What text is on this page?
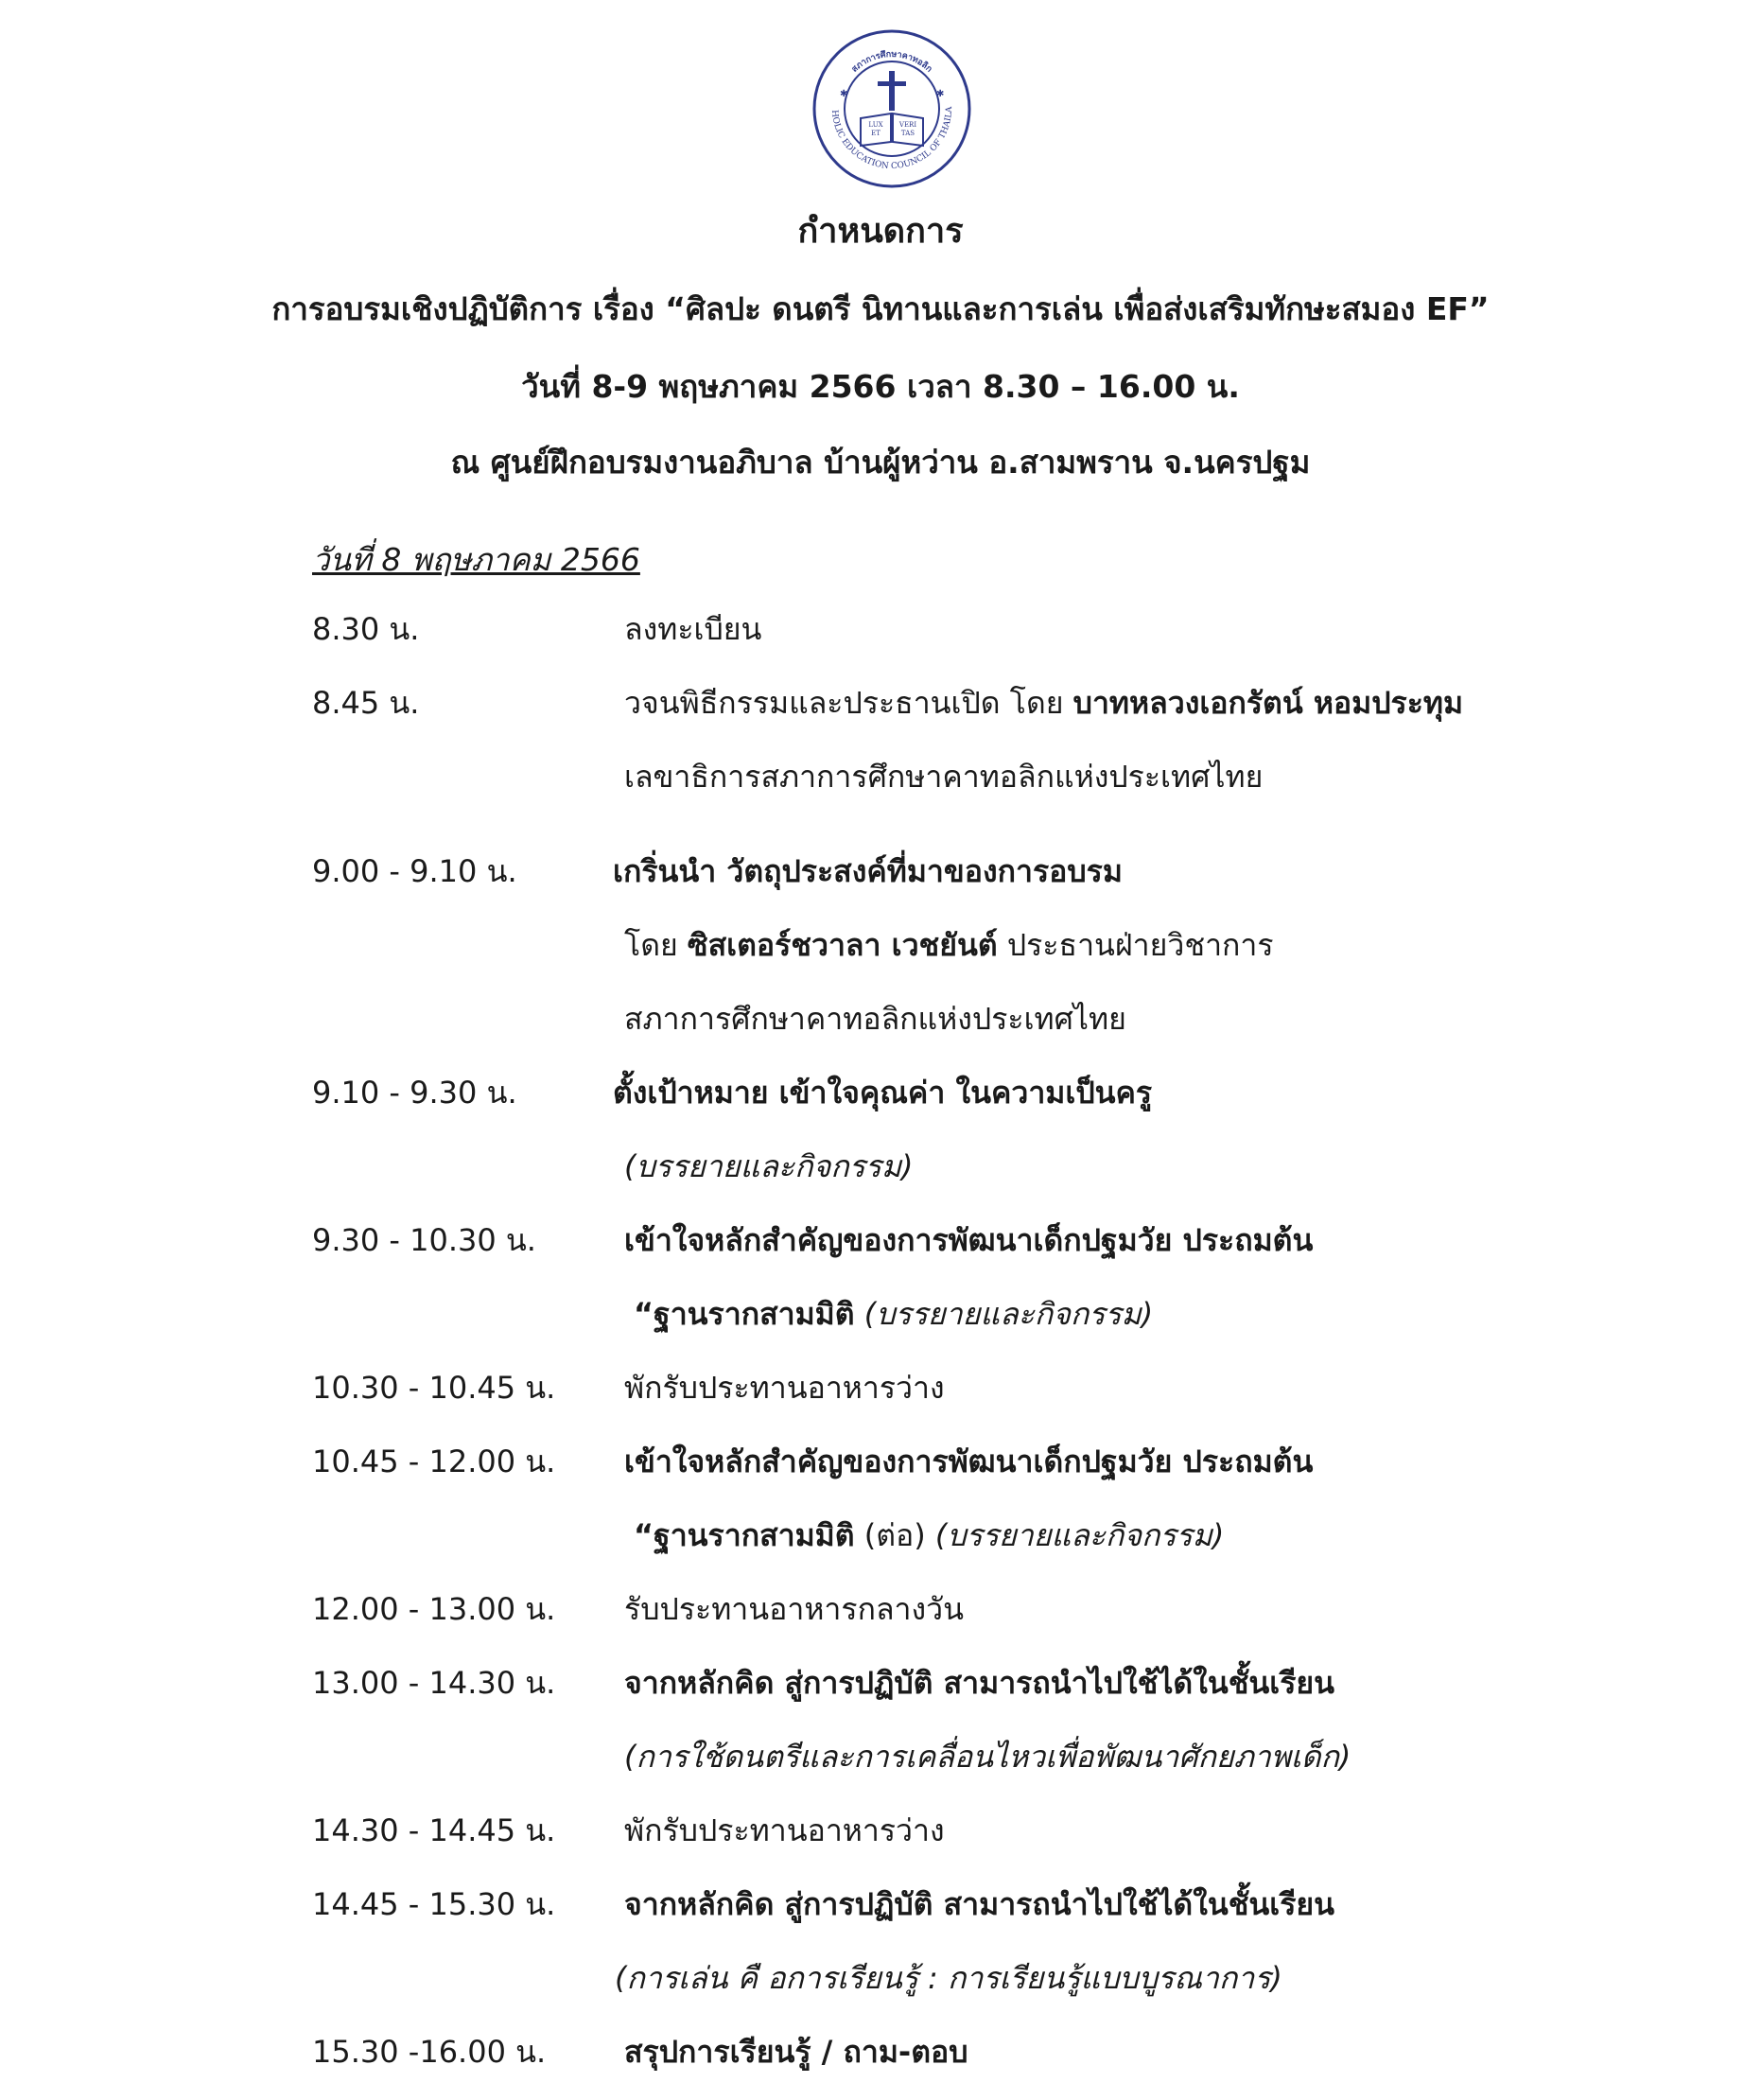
สภาการศึกษาคาทอลิก
HOLIC EDUCATION COUNCIL OF THAILA
LUX
ET
VERI
TAS
✱	✱
กำหนดการ
การอบรมเชิงปฏิบัติการ เรื่อง “ศิลปะ ดนตรี นิทานและการเล่น เพื่อส่งเสริมทักษะสมอง EF”
วันที่ 8-9 พฤษภาคม 2566 เวลา 8.30 – 16.00 น.
ณ ศูนย์ฝึกอบรมงานอภิบาล บ้านผู้หว่าน อ.สามพราน จ.นครปฐม
วันที่ 8 พฤษภาคม 2566
8.30 น.	ลงทะเบียน
8.45 น.	วจนพิธีกรรมและประธานเปิด โดย บาทหลวงเอกรัตน์ หอมประทุม
เลขาธิการสภาการศึกษาคาทอลิกแห่งประเทศไทย
9.00 - 9.10 น.	เกริ่นนำ วัตถุประสงค์ที่มาของการอบรม
โดย ซิสเตอร์ชวาลา เวชยันต์ ประธานฝ่ายวิชาการ
สภาการศึกษาคาทอลิกแห่งประเทศไทย
9.10 - 9.30 น.	ตั้งเป้าหมาย เข้าใจคุณค่า ในความเป็นครู
(บรรยายและกิจกรรม)
9.30 - 10.30 น.	เข้าใจหลักสำคัญของการพัฒนาเด็กปฐมวัย ประถมต้น
“ฐานรากสามมิติ (บรรยายและกิจกรรม)
10.30 - 10.45 น. พักรับประทานอาหารว่าง
10.45 - 12.00 น. เข้าใจหลักสำคัญของการพัฒนาเด็กปฐมวัย ประถมต้น
“ฐานรากสามมิติ (ต่อ) (บรรยายและกิจกรรม)
12.00 - 13.00 น. รับประทานอาหารกลางวัน
13.00 - 14.30 น. จากหลักคิด สู่การปฏิบัติ สามารถนำไปใช้ได้ในชั้นเรียน
(การใช้ดนตรีและการเคลื่อนไหวเพื่อพัฒนาศักยภาพเด็ก)
14.30 - 14.45 น. พักรับประทานอาหารว่าง
14.45 - 15.30 น. จากหลักคิด สู่การปฏิบัติ สามารถนำไปใช้ได้ในชั้นเรียน
(การเล่น คื อการเรียนรู้ : การเรียนรู้แบบบูรณาการ)
15.30 -16.00 น.	สรุปการเรียนรู้ / ถาม-ตอบ
